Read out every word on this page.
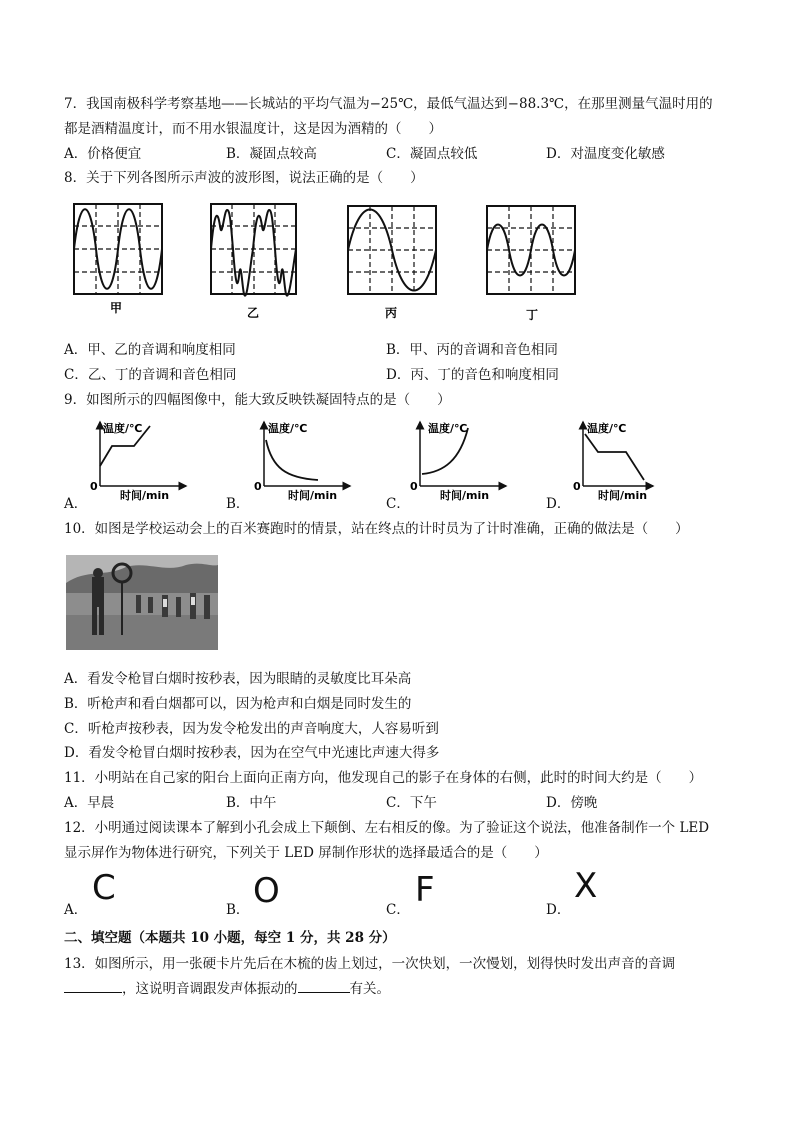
7．我国南极科学考察基地——长城站的平均气温为−25℃，最低气温达到−88.3℃，在那里测量气温时用的
都是酒精温度计，而不用水银温度计，这是因为酒精的（　　）
A．价格便宜	B．凝固点较高	C．凝固点较低	D．对温度变化敏感
8．关于下列各图所示声波的波形图，说法正确的是（　　）
甲	乙	丙	丁
A．甲、乙的音调和响度相同	B．甲、丙的音调和音色相同
C．乙、丁的音调和音色相同	D．丙、丁的音色和响度相同
9．如图所示的四幅图像中，能大致反映铁凝固特点的是（　　）
A．	B．	C．	D．
温度/℃
时间/min
0
温度/℃
时间/min
0
温度/℃
时间/min
0
温度/℃
时间/min
0
10．如图是学校运动会上的百米赛跑时的情景，站在终点的计时员为了计时准确，正确的做法是（　　）
A．看发令枪冒白烟时按秒表，因为眼睛的灵敏度比耳朵高
B．听枪声和看白烟都可以，因为枪声和白烟是同时发生的
C．听枪声按秒表，因为发令枪发出的声音响度大，人容易听到
D．看发令枪冒白烟时按秒表，因为在空气中光速比声速大得多
11．小明站在自己家的阳台上面向正南方向，他发现自己的影子在身体的右侧，此时的时间大约是（　　）
A．早晨	B．中午	C．下午	D．傍晚
12．小明通过阅读课本了解到小孔会成上下颠倒、左右相反的像。为了验证这个说法，他准备制作一个 LED
显示屏作为物体进行研究，下列关于 LED 屏制作形状的选择最适合的是（　　）
A．
C
B． O	C． F	D．
X
二、填空题（本题共 10 小题，每空 1 分，共 28 分）
13．如图所示，用一张硬卡片先后在木梳的齿上划过，一次快划，一次慢划，划得快时发出声音的音调
，这说明音调跟发声体振动的	有关。
